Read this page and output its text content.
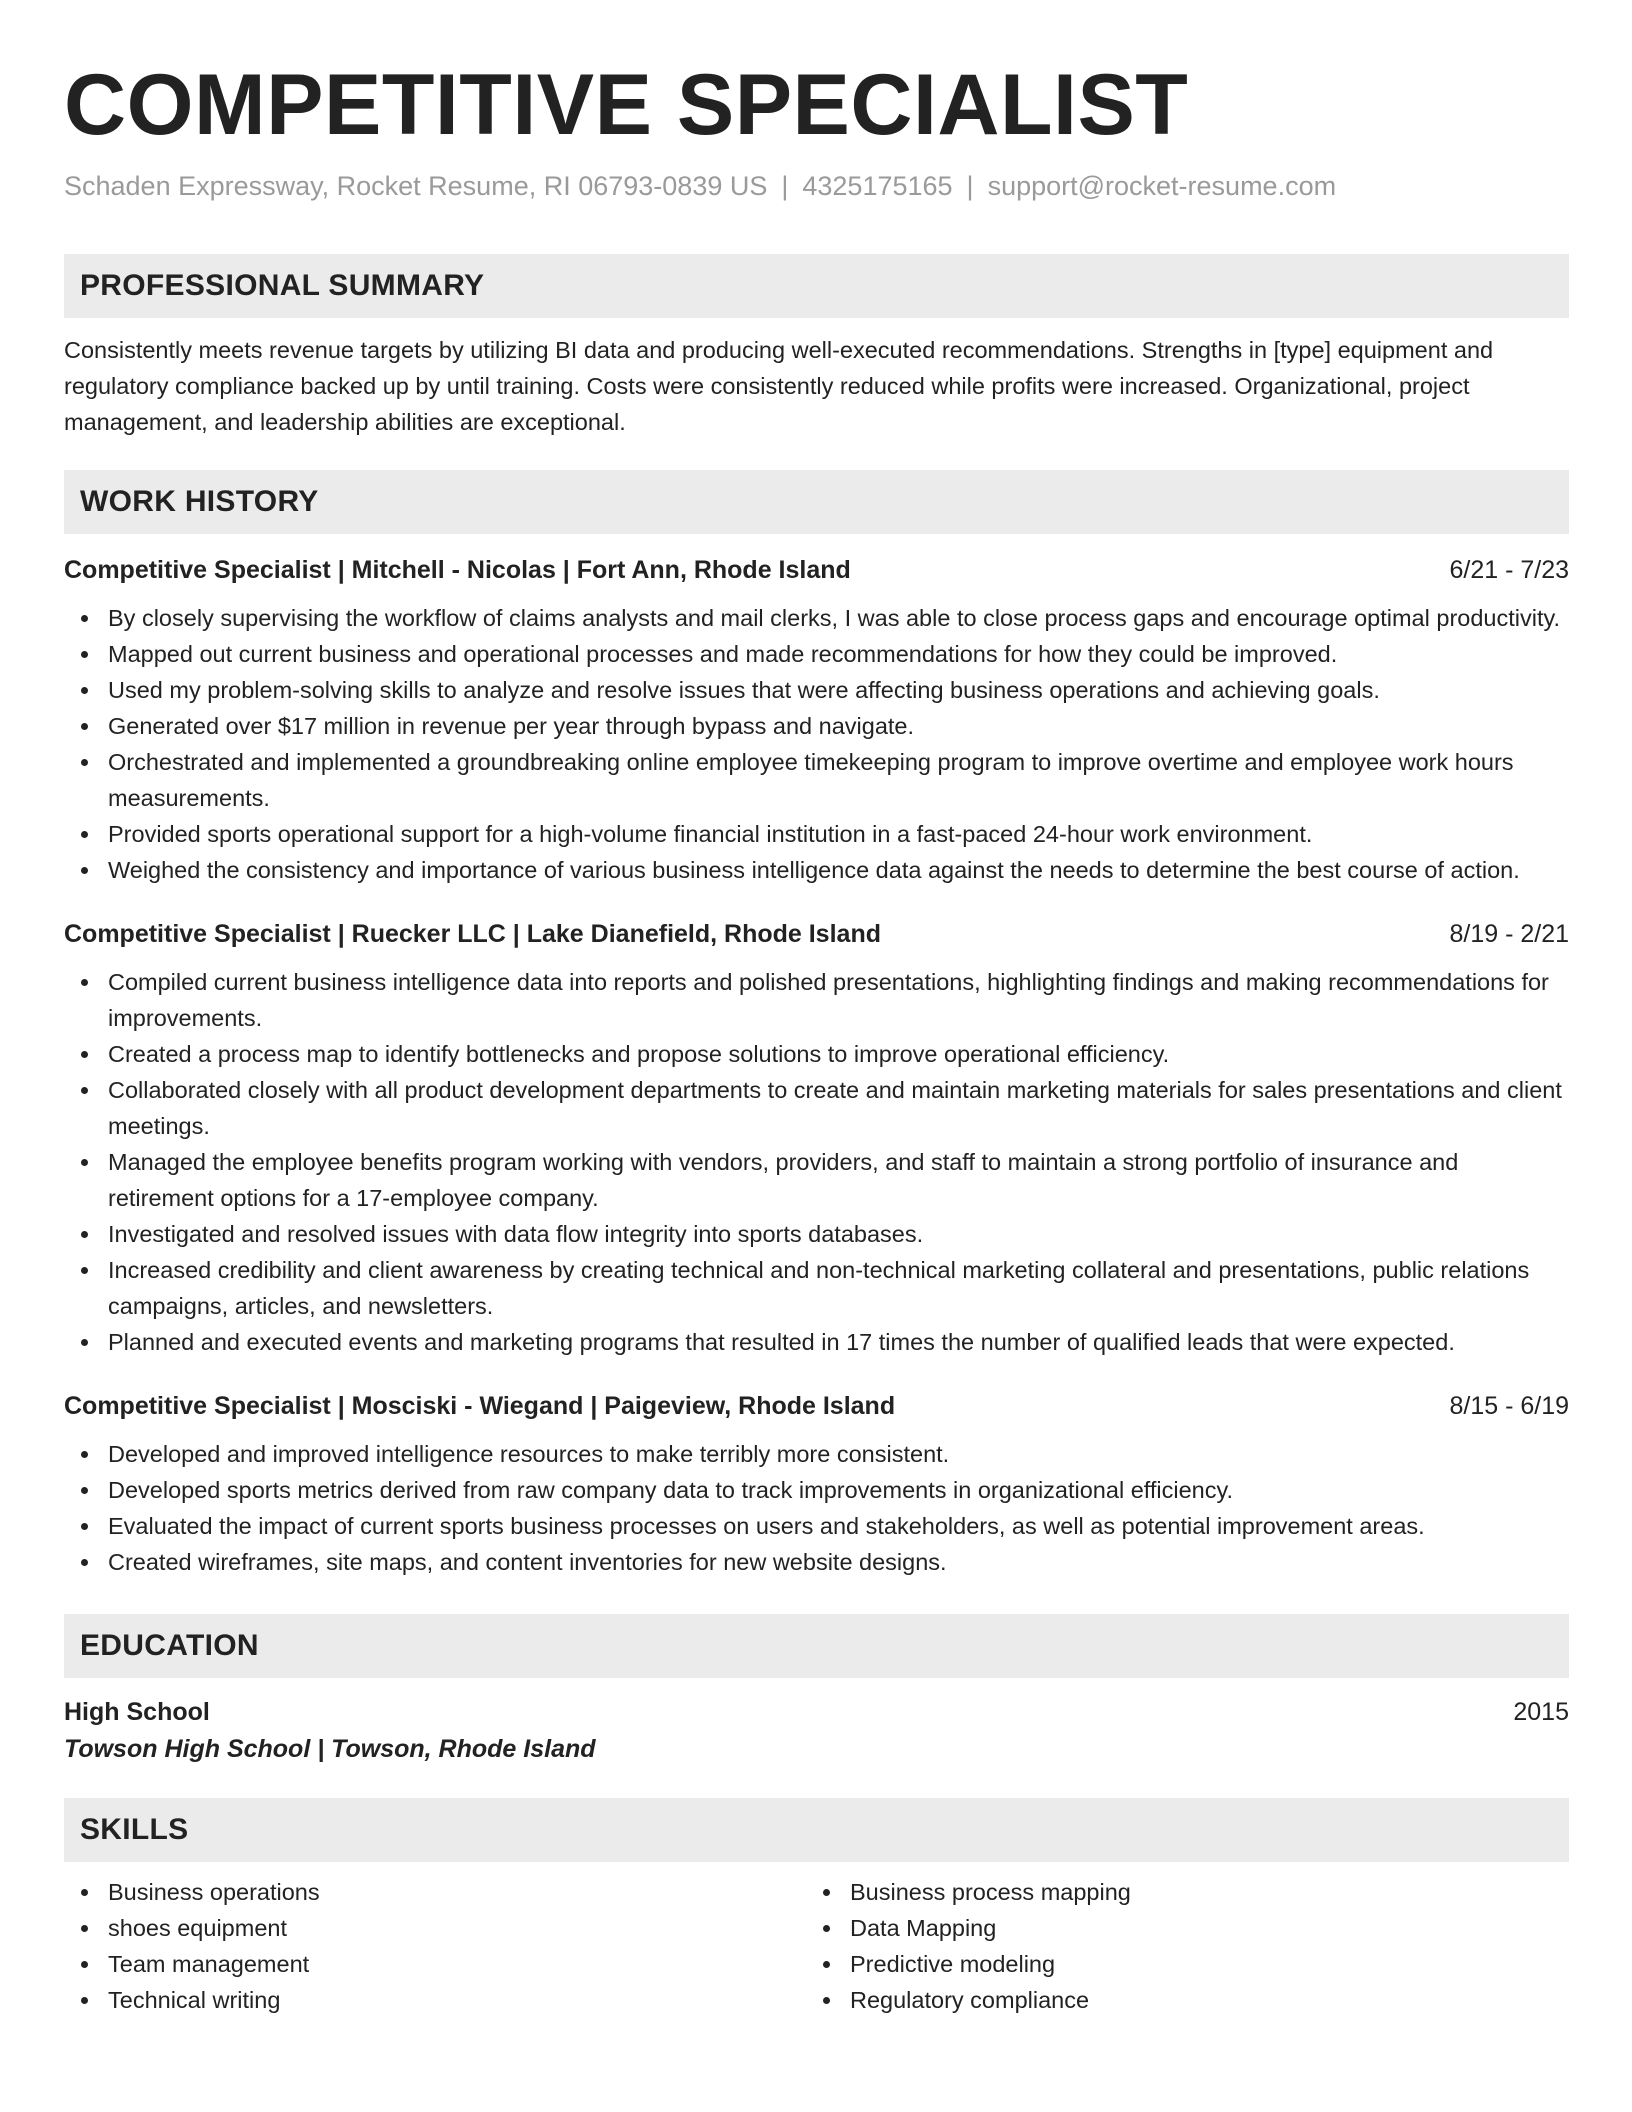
COMPETITIVE SPECIALIST
Schaden Expressway, Rocket Resume, RI 06793-0839 US | 4325175165 | support@rocket-resume.com
PROFESSIONAL SUMMARY

Consistently meets revenue targets by utilizing BI data and producing well-executed recommendations. Strengths in [type] equipment and regulatory compliance backed up by until training. Costs were consistently reduced while profits were increased. Organizational, project management, and leadership abilities are exceptional.

WORK HISTORY
Competitive Specialist | Mitchell - Nicolas | Fort Ann, Rhode Island	6/21 - 7/23
By closely supervising the workflow of claims analysts and mail clerks, I was able to close process gaps and encourage optimal productivity.
Mapped out current business and operational processes and made recommendations for how they could be improved.
Used my problem-solving skills to analyze and resolve issues that were affecting business operations and achieving goals.
Generated over $17 million in revenue per year through bypass and navigate.
Orchestrated and implemented a groundbreaking online employee timekeeping program to improve overtime and employee work hours measurements.
Provided sports operational support for a high-volume financial institution in a fast-paced 24-hour work environment.
Weighed the consistency and importance of various business intelligence data against the needs to determine the best course of action.
Competitive Specialist | Ruecker LLC | Lake Dianefield, Rhode Island	8/19 - 2/21
Compiled current business intelligence data into reports and polished presentations, highlighting findings and making recommendations for improvements.
Created a process map to identify bottlenecks and propose solutions to improve operational efficiency.
Collaborated closely with all product development departments to create and maintain marketing materials for sales presentations and client meetings.
Managed the employee benefits program working with vendors, providers, and staff to maintain a strong portfolio of insurance and retirement options for a 17-employee company.
Investigated and resolved issues with data flow integrity into sports databases.
Increased credibility and client awareness by creating technical and non-technical marketing collateral and presentations, public relations campaigns, articles, and newsletters.
Planned and executed events and marketing programs that resulted in 17 times the number of qualified leads that were expected.
Competitive Specialist | Mosciski - Wiegand | Paigeview, Rhode Island	8/15 - 6/19
Developed and improved intelligence resources to make terribly more consistent.
Developed sports metrics derived from raw company data to track improvements in organizational efficiency.
Evaluated the impact of current sports business processes on users and stakeholders, as well as potential improvement areas.
Created wireframes, site maps, and content inventories for new website designs.
EDUCATION
High School	2015
Towson High School | Towson, Rhode Island
SKILLS
Business operations
shoes equipment
Team management
Technical writing
Business process mapping
Data Mapping
Predictive modeling
Regulatory compliance
